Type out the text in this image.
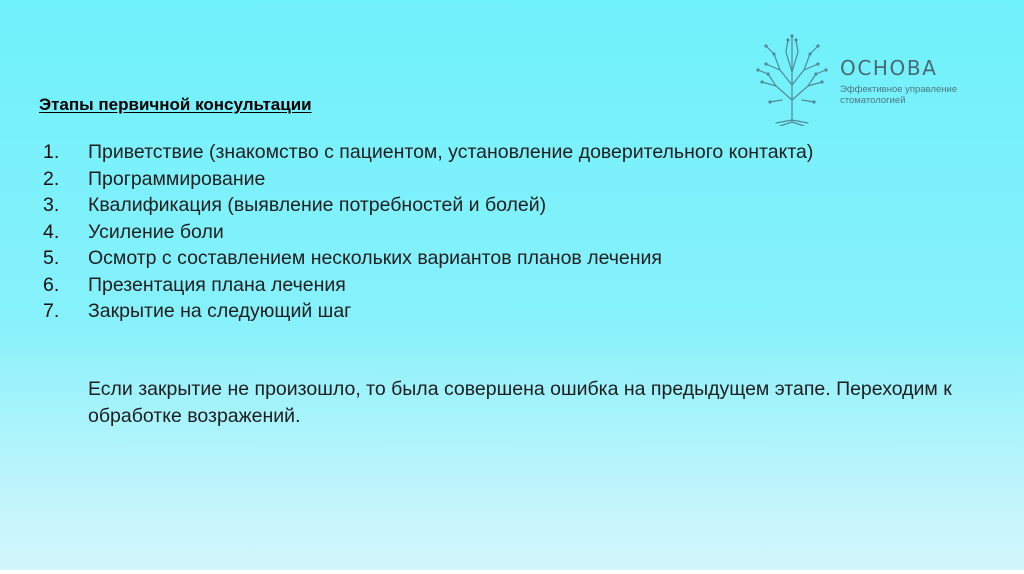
ОСНОВА
Эффективное управление стоматологией
Этапы первичной консультации
1. Приветствие (знакомство с пациентом, установление доверительного контакта)
2. Программирование
3. Квалификация (выявление потребностей и болей)
4. Усиление боли
5. Осмотр с составлением нескольких вариантов планов лечения
6. Презентация плана лечения
7. Закрытие на следующий шаг
Если закрытие не произошло, то была совершена ошибка на предыдущем этапе. Переходим к обработке возражений.
